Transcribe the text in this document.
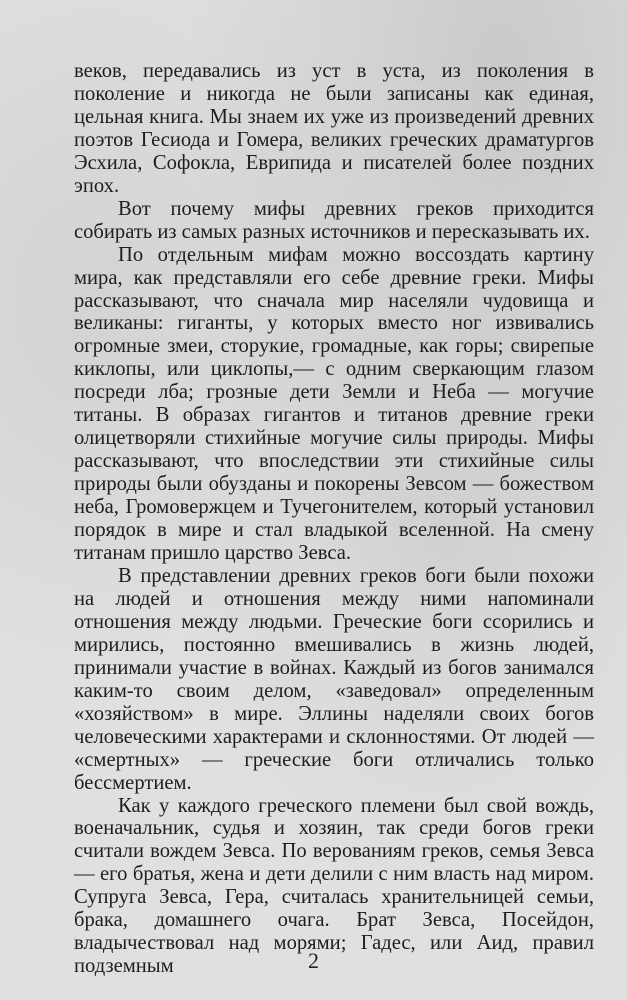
веков, передавались из уст в уста, из поколения в поколение и никогда не были записаны как единая, цельная книга. Мы знаем их уже из произведений древних поэтов Гесиода и Гомера, великих греческих драматургов Эсхила, Софокла, Еврипида и писателей более поздних эпох.

Вот почему мифы древних греков приходится собирать из самых разных источников и пересказывать их.

По отдельным мифам можно воссоздать картину мира, как представляли его себе древние греки. Мифы рассказывают, что сначала мир населяли чудовища и великаны: гиганты, у которых вместо ног извивались огромные змеи, сторукие, громадные, как горы; свирепые киклопы, или циклопы,— с одним сверкающим глазом посреди лба; грозные дети Земли и Неба — могучие титаны. В образах гигантов и титанов древние греки олицетворяли стихийные могучие силы природы. Мифы рассказывают, что впоследствии эти стихийные силы природы были обузданы и покорены Зевсом — божеством неба, Громовержцем и Тучегонителем, который установил порядок в мире и стал владыкой вселенной. На смену титанам пришло царство Зевса.

В представлении древних греков боги были похожи на людей и отношения между ними напоминали отношения между людьми. Греческие боги ссорились и мирились, постоянно вмешивались в жизнь людей, принимали участие в войнах. Каждый из богов занимался каким-то своим делом, «заведовал» определенным «хозяйством» в мире. Эллины наделяли своих богов человеческими характерами и склонностями. От людей — «смертных» — греческие боги отличались только бессмертием.

Как у каждого греческого племени был свой вождь, военачальник, судья и хозяин, так среди богов греки считали вождем Зевса. По верованиям греков, семья Зевса — его братья, жена и дети делили с ним власть над миром. Супруга Зевса, Гера, считалась хранительницей семьи, брака, домашнего очага. Брат Зевса, Посейдон, владычествовал над морями; Гадес, или Аид, правил подземным	2
